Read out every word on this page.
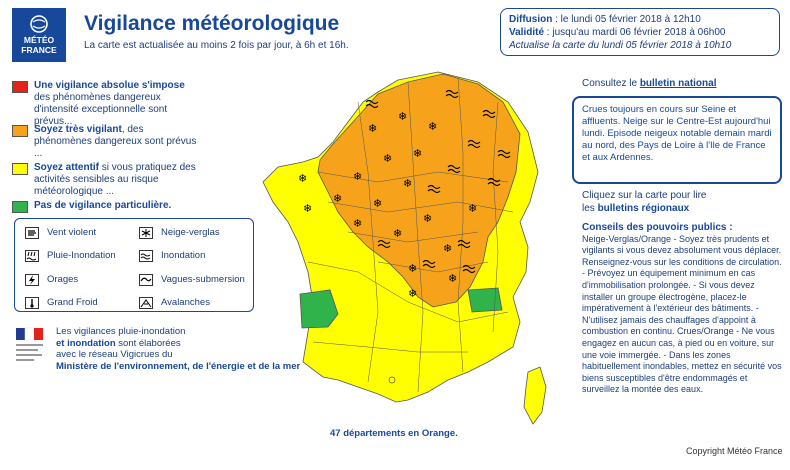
MÉTÉO
FRANCE
Vigilance météorologique
La carte est actualisée au moins 2 fois par jour, à 6h et 16h.
Diffusion : le lundi 05 février 2018 à 12h10
Validité : jusqu'au mardi 06 février 2018 à 06h00
Actualise la carte du lundi 05 février 2018 à 10h10
Une vigilance absolue s'impose

des phénomènes dangereux d'intensité exceptionnelle sont prévus...
Soyez très vigilant, des phénomènes dangereux sont prévus ...
Soyez attentif si vous pratiquez des activités sensibles au risque météorologique ...
Pas de vigilance particulière.
Vent violent	Neige-verglas
Pluie-Inondation	Inondation
Orages	Vagues-submersion
Grand Froid	Avalanches
Les vigilances pluie-inondation
et inondation sont élaborées
avec le réseau Vigicrues du
Ministère de l'environnement, de l'énergie et de la mer
❄
❄
❄
❄ ❄
❄
❄	❄
❄
❄
❄
❄
❄
❄
❄
❄
❄
❄
❄
47 départements en Orange.
Consultez le bulletin national
Crues toujours en cours sur Seine et affluents. Neige sur le Centre-Est aujourd'hui lundi. Episode neigeux notable demain mardi au nord, des Pays de Loire à l'Ile de France et aux Ardennes.
Cliquez sur la carte pour lire
les bulletins régionaux
Conseils des pouvoirs publics :
Neige-Verglas/Orange - Soyez très prudents et vigilants si vous devez absolument vous déplacer. Renseignez-vous sur les conditions de circulation. - Prévoyez un équipement minimum en cas d'immobilisation prolongée. - Si vous devez installer un groupe électrogène, placez-le impérativement à l'extérieur des bâtiments. - N'utilisez jamais des chauffages d'appoint à combustion en continu. Crues/Orange - Ne vous engagez en aucun cas, à pied ou en voiture, sur une voie immergée. - Dans les zones habituellement inondables, mettez en sécurité vos biens susceptibles d'être endommagés et surveillez la montée des eaux.
Copyright Météo France
